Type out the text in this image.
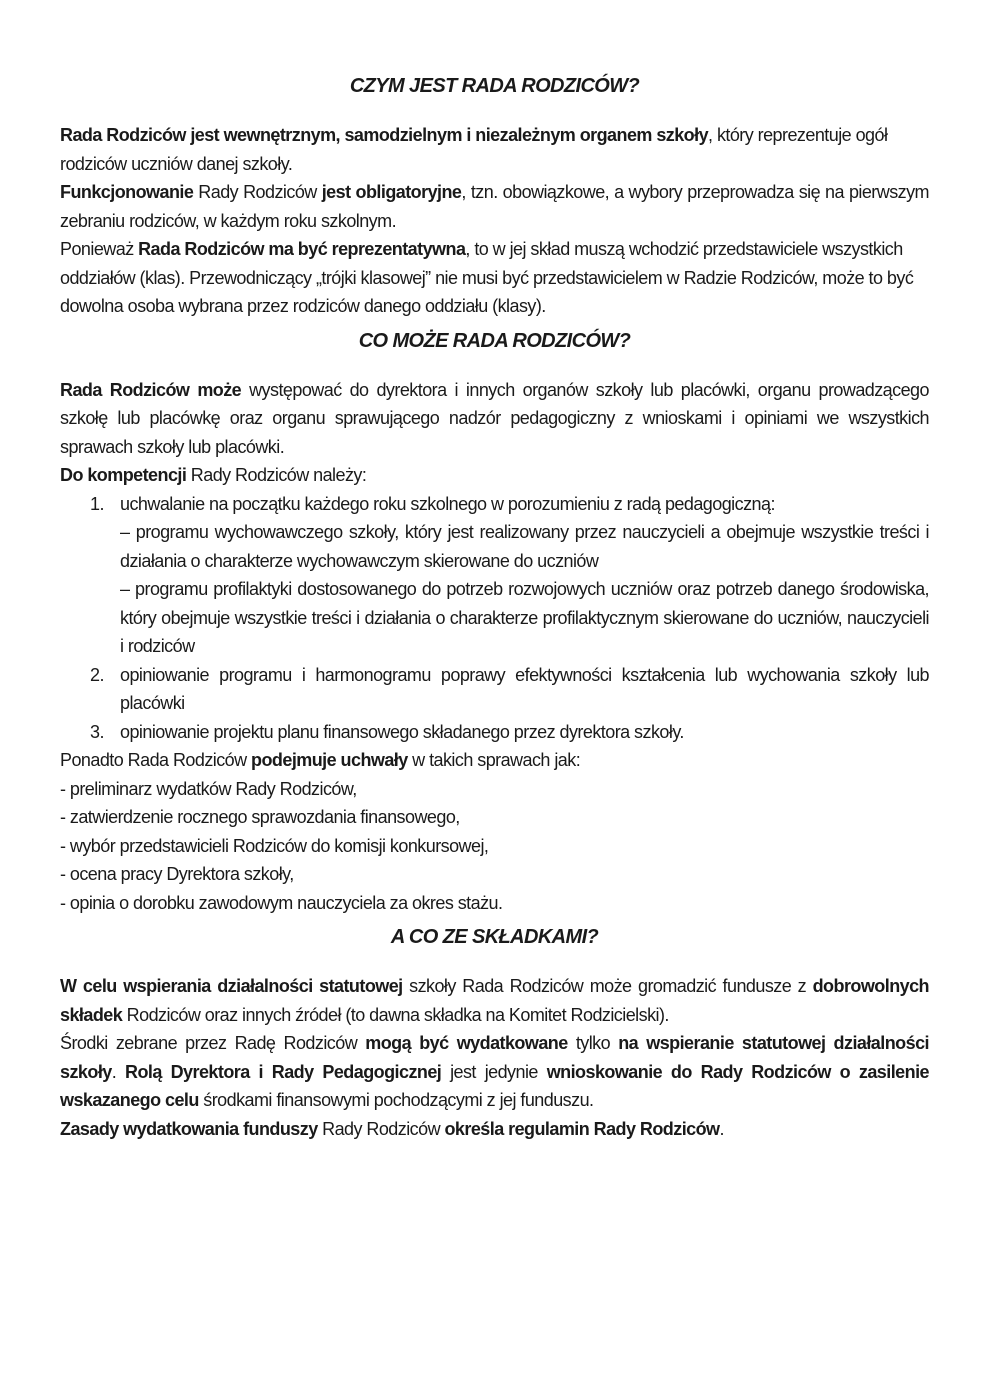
CZYM JEST RADA RODZICÓW?

Rada Rodziców jest wewnętrznym, samodzielnym i niezależnym organem szkoły, który reprezentuje ogół rodziców uczniów danej szkoły.

Funkcjonowanie Rady Rodziców jest obligatoryjne, tzn. obowiązkowe, a wybory przeprowadza się na pierwszym zebraniu rodziców, w każdym roku szkolnym.

Ponieważ Rada Rodziców ma być reprezentatywna, to w jej skład muszą wchodzić przedstawiciele wszystkich oddziałów (klas). Przewodniczący „trójki klasowej” nie musi być przedstawicielem w Radzie Rodziców, może to być dowolna osoba wybrana przez rodziców danego oddziału (klasy).

CO MOŻE RADA RODZICÓW?

Rada Rodziców może występować do dyrektora i innych organów szkoły lub placówki, organu prowadzącego szkołę lub placówkę oraz organu sprawującego nadzór pedagogiczny z wnioskami i opiniami we wszystkich sprawach szkoły lub placówki.

Do kompetencji Rady Rodziców należy:

1. uchwalanie na początku każdego roku szkolnego w porozumieniu z radą pedagogiczną:
– programu wychowawczego szkoły, który jest realizowany przez nauczycieli a obejmuje wszystkie treści i działania o charakterze wychowawczym skierowane do uczniów
– programu profilaktyki dostosowanego do potrzeb rozwojowych uczniów oraz potrzeb danego środowiska, który obejmuje wszystkie treści i działania o charakterze profilaktycznym skierowane do uczniów, nauczycieli i rodziców
2. opiniowanie programu i harmonogramu poprawy efektywności kształcenia lub wychowania szkoły lub placówki
3. opiniowanie projektu planu finansowego składanego przez dyrektora szkoły.

Ponadto Rada Rodziców podejmuje uchwały w takich sprawach jak:

- preliminarz wydatków Rady Rodziców,
- zatwierdzenie rocznego sprawozdania finansowego,
- wybór przedstawicieli Rodziców do komisji konkursowej,
- ocena pracy Dyrektora szkoły,
- opinia o dorobku zawodowym nauczyciela za okres stażu.
A CO ZE SKŁADKAMI?

W celu wspierania działalności statutowej szkoły Rada Rodziców może gromadzić fundusze z dobrowolnych składek Rodziców oraz innych źródeł (to dawna składka na Komitet Rodzicielski).

Środki zebrane przez Radę Rodziców mogą być wydatkowane tylko na wspieranie statutowej działalności szkoły. Rolą Dyrektora i Rady Pedagogicznej jest jedynie wnioskowanie do Rady Rodziców o zasilenie wskazanego celu środkami finansowymi pochodzącymi z jej funduszu.

Zasady wydatkowania funduszy Rady Rodziców określa regulamin Rady Rodziców.
